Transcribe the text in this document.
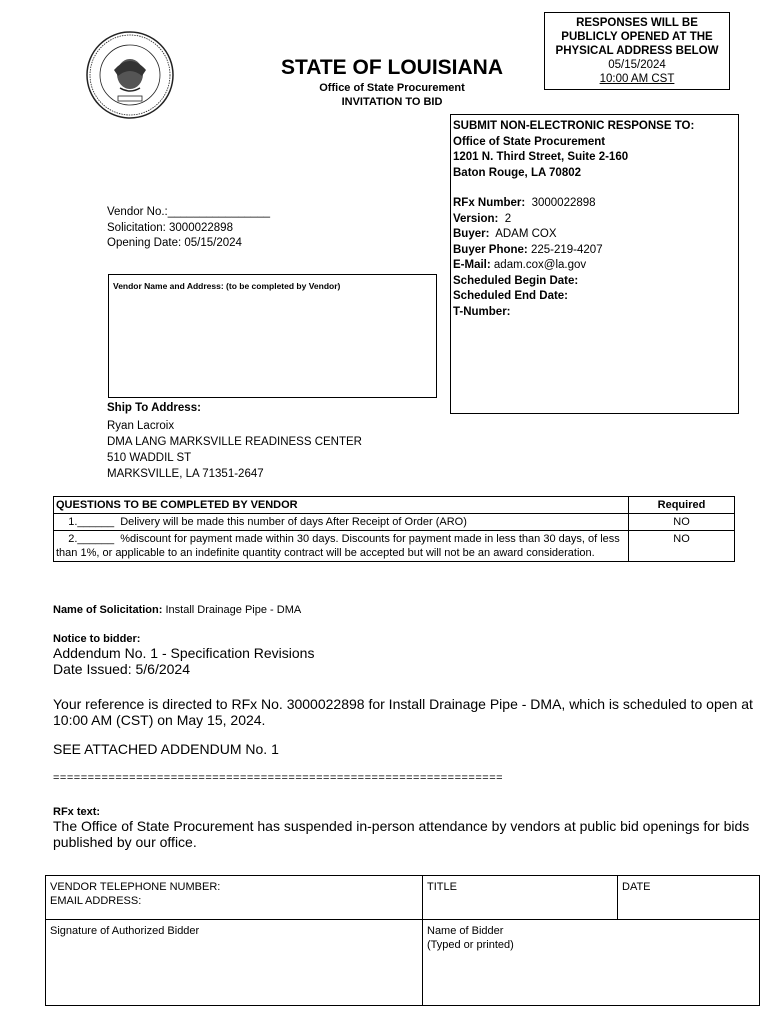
RESPONSES WILL BE
PUBLICLY OPENED AT THE
PHYSICAL ADDRESS BELOW
05/15/2024
10:00 AM CST
STATE OF LOUISIANA
Office of State Procurement
INVITATION TO BID
SUBMIT NON-ELECTRONIC RESPONSE TO:
Office of State Procurement
1201 N. Third Street, Suite 2-160
Baton Rouge, LA 70802
RFx Number: 3000022898
Version: 2
Buyer: ADAM COX
Buyer Phone: 225-219-4207
E-Mail: adam.cox@la.gov
Scheduled Begin Date:
Scheduled End Date:
T-Number:
Vendor No.:________________
Solicitation: 3000022898
Opening Date: 05/15/2024
Vendor Name and Address: (to be completed by Vendor)
Ship To Address:
Ryan Lacroix
DMA LANG MARKSVILLE READINESS CENTER
510 WADDIL ST
MARKSVILLE, LA 71351-2647
QUESTIONS TO BE COMPLETED BY VENDOR	Required
1.______  Delivery will be made this number of days After Receipt of Order (ARO)	NO
2.______  %discount for payment made within 30 days. Discounts for payment made in less than 30 days, of less than 1%, or applicable to an indefinite quantity contract will be accepted but will not be an award consideration.	NO
Name of Solicitation: Install Drainage Pipe - DMA
Notice to bidder:
Addendum No. 1 - Specification Revisions
Date Issued: 5/6/2024
Your reference is directed to RFx No. 3000022898 for Install Drainage Pipe - DMA, which is scheduled to open at 10:00 AM (CST) on May 15, 2024.
SEE ATTACHED ADDENDUM No. 1
=================================================================
RFx text:
The Office of State Procurement has suspended in-person attendance by vendors at public bid openings for bids published by our office.
VENDOR TELEPHONE NUMBER:
EMAIL ADDRESS:	TITLE	DATE
Signature of Authorized Bidder	Name of Bidder
(Typed or printed)	
